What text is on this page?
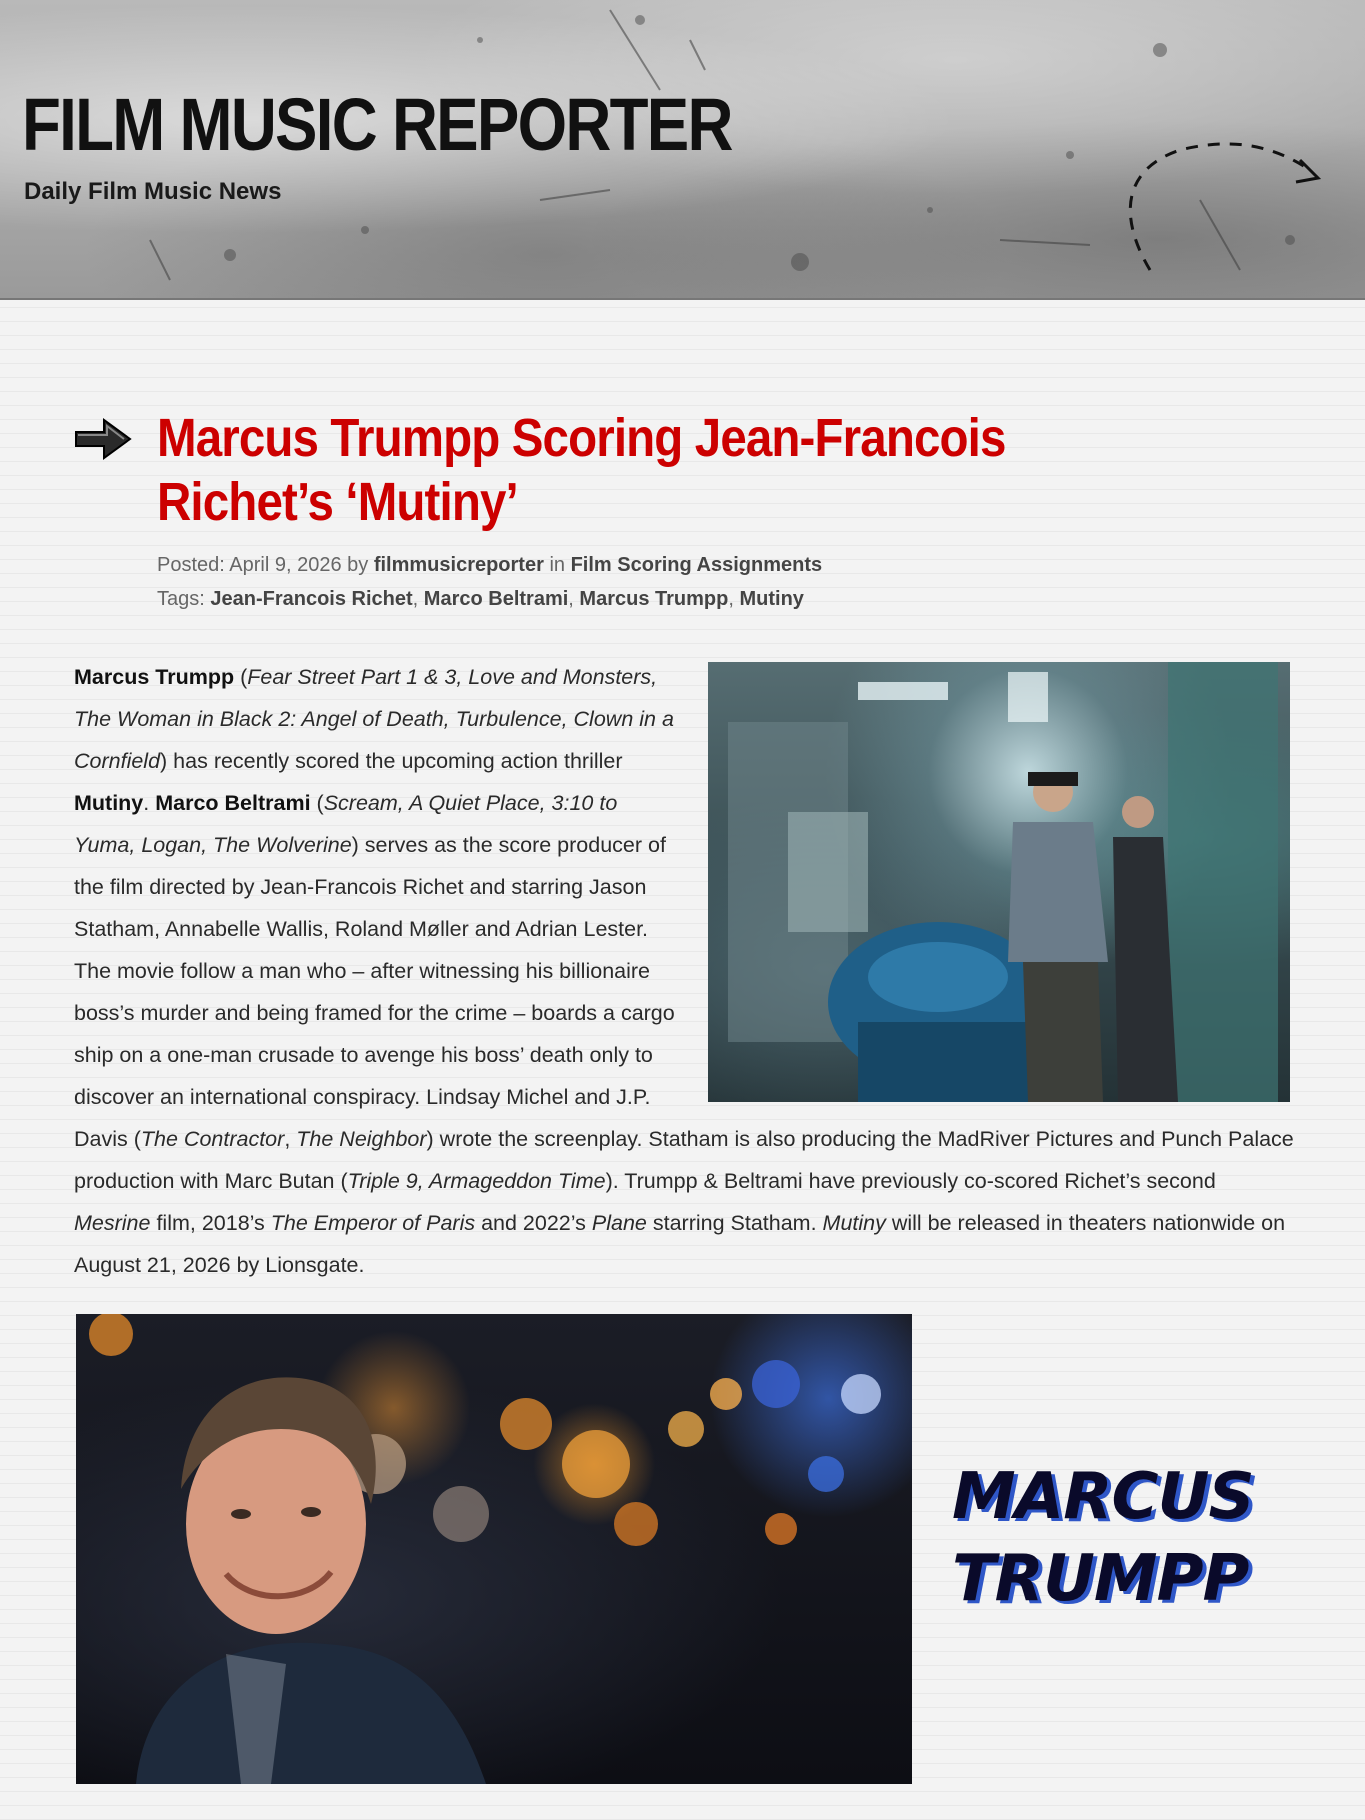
FILM MUSIC REPORTER
Daily Film Music News
Marcus Trumpp Scoring Jean-Francois
Richet’s ‘Mutiny’
Posted: April 9, 2026 by filmmusicreporter in Film Scoring Assignments
Tags: Jean-Francois Richet, Marco Beltrami, Marcus Trumpp, Mutiny
Marcus Trumpp (Fear Street Part 1 & 3, Love and Monsters, The Woman in Black 2: Angel of Death, Turbulence, Clown in a Cornfield) has recently scored the upcoming action thriller Mutiny. Marco Beltrami (Scream, A Quiet Place, 3:10 to Yuma, Logan, The Wolverine) serves as the score producer of the film directed by Jean-Francois Richet and starring Jason Statham, Annabelle Wallis, Roland Møller and Adrian Lester. The movie follow a man who – after witnessing his billionaire boss’s murder and being framed for the crime – boards a cargo ship on a one-man crusade to avenge his boss’ death only to discover an international conspiracy. Lindsay Michel and J.P. Davis (The Contractor, The Neighbor) wrote the screenplay. Statham is also producing the MadRiver Pictures and Punch Palace production with Marc Butan (Triple 9, Armageddon Time). Trumpp & Beltrami have previously co-scored Richet’s second Mesrine film, 2018’s The Emperor of Paris and 2022’s Plane starring Statham. Mutiny will be released in theaters nationwide on August 21, 2026 by Lionsgate.
MARCUS
TRUMPP
